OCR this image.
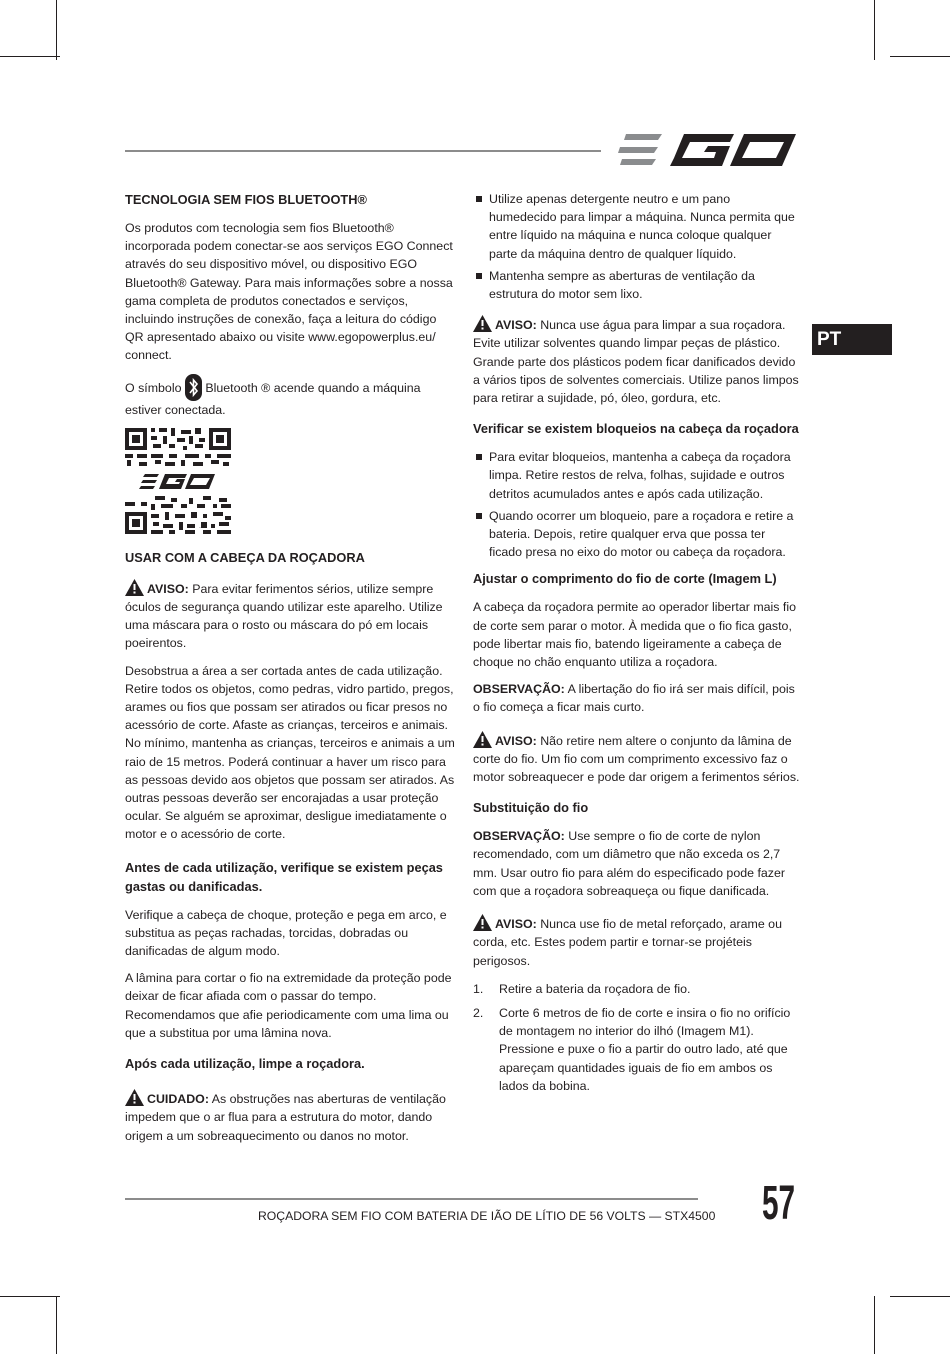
PT
TECNOLOGIA SEM FIOS BLUETOOTH®

Os produtos com tecnologia sem fios Bluetooth® incorporada podem conectar-se aos serviços EGO Connect através do seu dispositivo móvel, ou dispositivo EGO Bluetooth® Gateway. Para mais informações sobre a nossa gama completa de produtos conectados e serviços, incluindo instruções de conexão, faça a leitura do código QR apresentado abaixo ou visite www.egopowerplus.eu/ connect.

O símbolo Bluetooth ® acende quando a máquina estiver conectada.

EGO
USAR COM A CABEÇA DA ROÇADORA

AVISO: Para evitar ferimentos sérios, utilize sempre óculos de segurança quando utilizar este aparelho. Utilize uma máscara para o rosto ou máscara do pó em locais poeirentos.

Desobstrua a área a ser cortada antes de cada utilização. Retire todos os objetos, como pedras, vidro partido, pregos, arames ou fios que possam ser atirados ou ficar presos no acessório de corte. Afaste as crianças, terceiros e animais. No mínimo, mantenha as crianças, terceiros e animais a um raio de 15 metros. Poderá continuar a haver um risco para as pessoas devido aos objetos que possam ser atirados. As outras pessoas deverão ser encorajadas a usar proteção ocular. Se alguém se aproximar, desligue imediatamente o motor e o acessório de corte.

Antes de cada utilização, verifique se existem peças gastas ou danificadas.

Verifique a cabeça de choque, proteção e pega em arco, e substitua as peças rachadas, torcidas, dobradas ou danificadas de algum modo.

A lâmina para cortar o fio na extremidade da proteção pode deixar de ficar afiada com o passar do tempo. Recomendamos que afie periodicamente com uma lima ou que a substitua por uma lâmina nova.

Após cada utilização, limpe a roçadora.

CUIDADO: As obstruções nas aberturas de ventilação impedem que o ar flua para a estrutura do motor, dando origem a um sobreaquecimento ou danos no motor.

Utilize apenas detergente neutro e um pano humedecido para limpar a máquina. Nunca permita que entre líquido na máquina e nunca coloque qualquer parte da máquina dentro de qualquer líquido.
Mantenha sempre as aberturas de ventilação da estrutura do motor sem lixo.

AVISO: Nunca use água para limpar a sua roçadora. Evite utilizar solventes quando limpar peças de plástico. Grande parte dos plásticos podem ficar danificados devido a vários tipos de solventes comerciais. Utilize panos limpos para retirar a sujidade, pó, óleo, gordura, etc.

Verificar se existem bloqueios na cabeça da roçadora
Para evitar bloqueios, mantenha a cabeça da roçadora limpa. Retire restos de relva, folhas, sujidade e outros detritos acumulados antes e após cada utilização.
Quando ocorrer um bloqueio, pare a roçadora e retire a bateria. Depois, retire qualquer erva que possa ter ficado presa no eixo do motor ou cabeça da roçadora.
Ajustar o comprimento do fio de corte (Imagem L)

A cabeça da roçadora permite ao operador libertar mais fio de corte sem parar o motor. À medida que o fio fica gasto, pode libertar mais fio, batendo ligeiramente a cabeça de choque no chão enquanto utiliza a roçadora.

OBSERVAÇÃO: A libertação do fio irá ser mais difícil, pois o fio começa a ficar mais curto.

AVISO: Não retire nem altere o conjunto da lâmina de corte do fio. Um fio com um comprimento excessivo faz o motor sobreaquecer e pode dar origem a ferimentos sérios.

Substituição do fio

OBSERVAÇÃO: Use sempre o fio de corte de nylon recomendado, com um diâmetro que não exceda os 2,7 mm. Usar outro fio para além do especificado pode fazer com que a roçadora sobreaqueça ou fique danificada.

AVISO: Nunca use fio de metal reforçado, arame ou corda, etc. Estes podem partir e tornar-se projéteis perigosos.

1. Retire a bateria da roçadora de fio.
2. Corte 6 metros de fio de corte e insira o fio no orifício de montagem no interior do ilhó (Imagem M1). Pressione e puxe o fio a partir do outro lado, até que apareçam quantidades iguais de fio em ambos os lados da bobina.
ROÇADORA SEM FIO COM BATERIA DE IÃO DE LÍTIO DE 56 VOLTS — STX4500 57
